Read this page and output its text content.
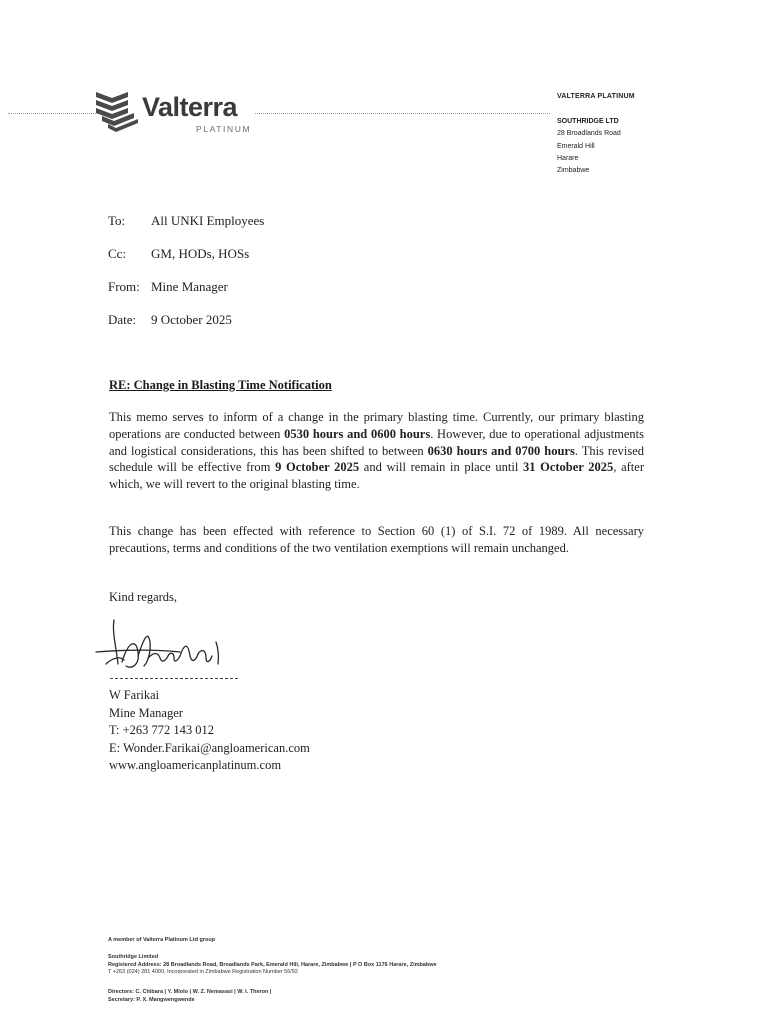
Valterra
PLATINUM
VALTERRA PLATINUM
SOUTHRIDGE LTD
28 Broadlands Road
Emerald Hill
Harare
Zimbabwe
To: All UNKI Employees
Cc: GM, HODs, HOSs
From: Mine Manager
Date: 9 October 2025
RE: Change in Blasting Time Notification
This memo serves to inform of a change in the primary blasting time. Currently, our primary blasting operations are conducted between 0530 hours and 0600 hours. However, due to operational adjustments and logistical considerations, this has been shifted to between 0630 hours and 0700 hours. This revised schedule will be effective from 9 October 2025 and will remain in place until 31 October 2025, after which, we will revert to the original blasting time.
This change has been effected with reference to Section 60 (1) of S.I. 72 of 1989. All necessary precautions, terms and conditions of the two ventilation exemptions will remain unchanged.
Kind regards,
W Farikai
Mine Manager
T: +263 772 143 012
E: Wonder.Farikai@angloamerican.com
www.angloamericanplatinum.com
A member of Valterra Platinum Ltd group
Southridge Limited
Registered Address: 28 Broadlands Road, Broadlands Park, Emerald Hill, Harare, Zimbabwe | P O Box 1176 Harare, Zimbabwe
T +263 (024) 281 4000, Incorporated in Zimbabwe Registration Number 56/92
Directors: C. Chibara | Y. Mlolo | W. Z. Nemasasi | W. I. Theron |
Secretary: P. X. Mangwengwende
